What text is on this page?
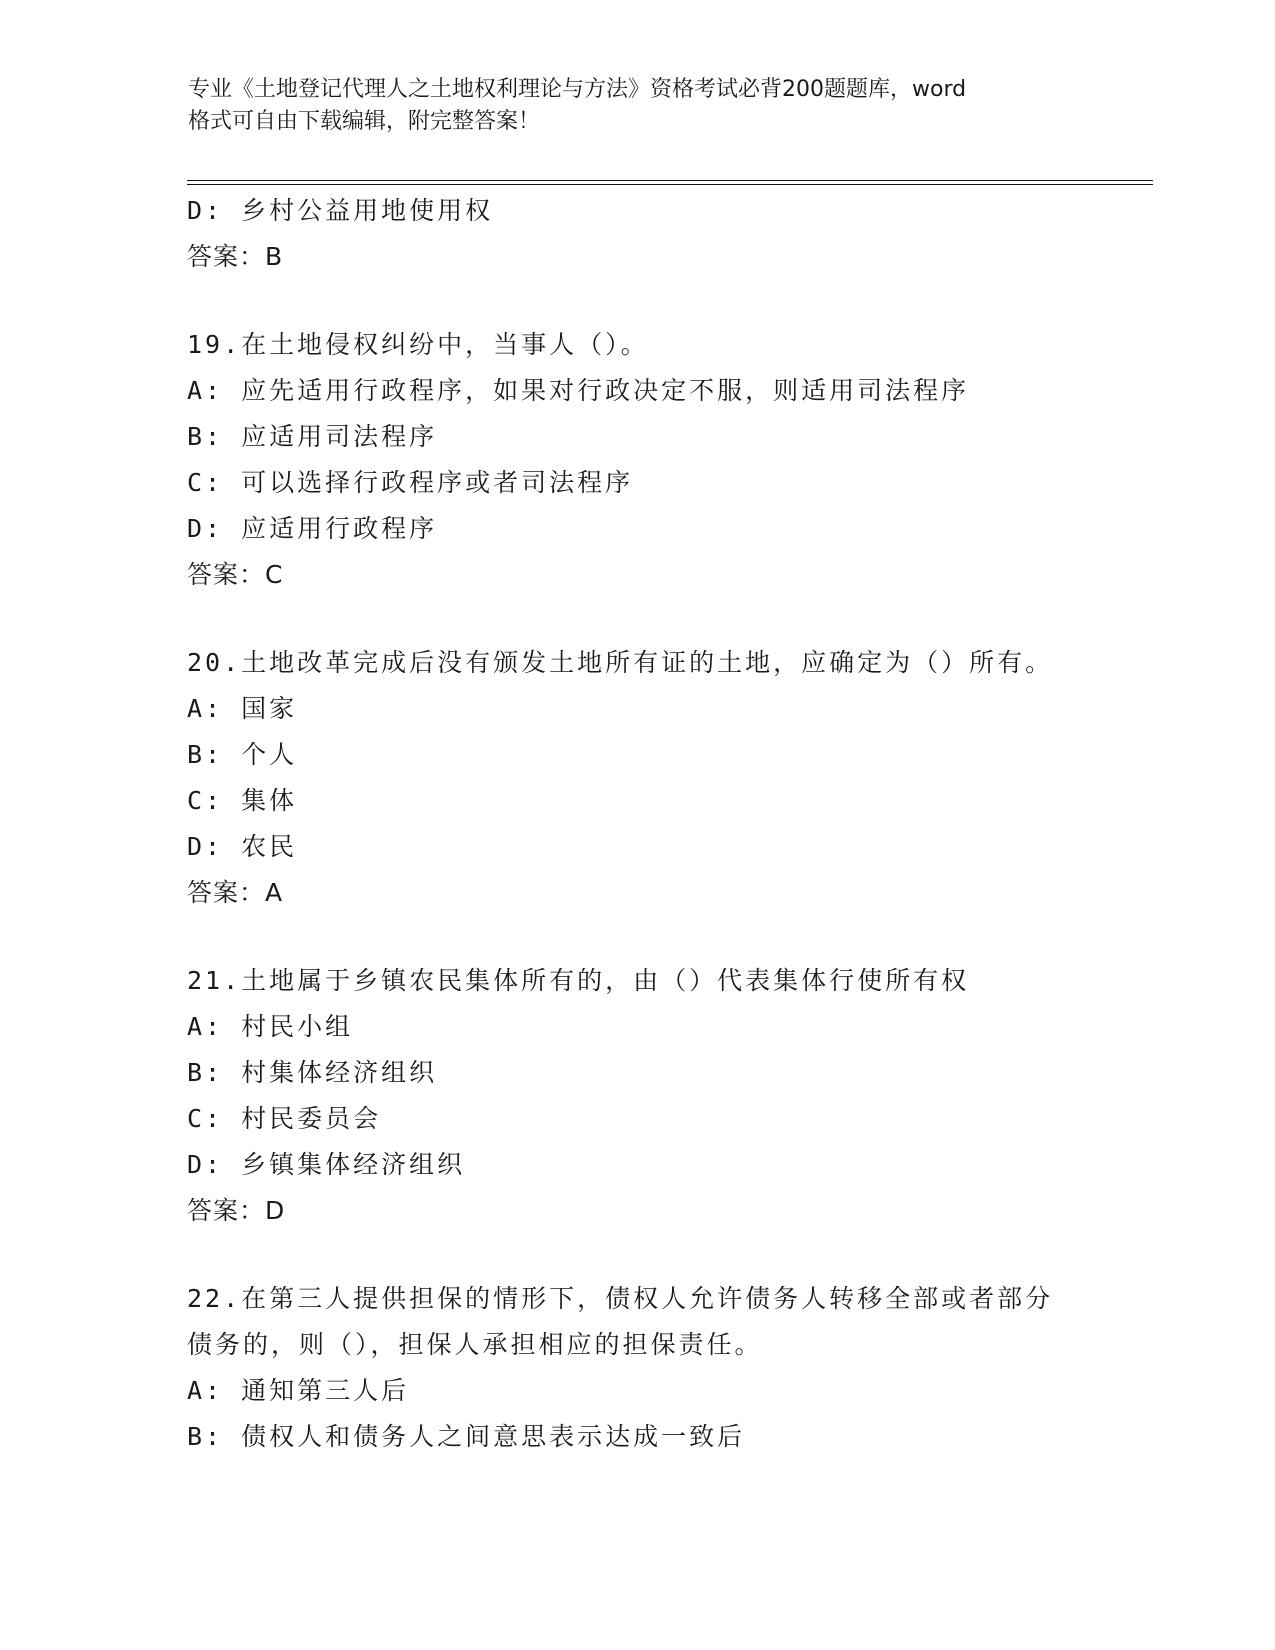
专业《土地登记代理人之土地权利理论与方法》资格考试必背200题题库，word
格式可自由下载编辑，附完整答案！
D: 乡村公益用地使用权
答案：B
19.在土地侵权纠纷中，当事人（）。
A: 应先适用行政程序，如果对行政决定不服，则适用司法程序
B: 应适用司法程序
C: 可以选择行政程序或者司法程序
D: 应适用行政程序
答案：C
20.土地改革完成后没有颁发土地所有证的土地，应确定为（）所有。
A: 国家
B: 个人
C: 集体
D: 农民
答案：A
21.土地属于乡镇农民集体所有的，由（）代表集体行使所有权
A: 村民小组
B: 村集体经济组织
C: 村民委员会
D: 乡镇集体经济组织
答案：D
22.在第三人提供担保的情形下，债权人允许债务人转移全部或者部分
债务的，则（），担保人承担相应的担保责任。
A: 通知第三人后
B: 债权人和债务人之间意思表示达成一致后
